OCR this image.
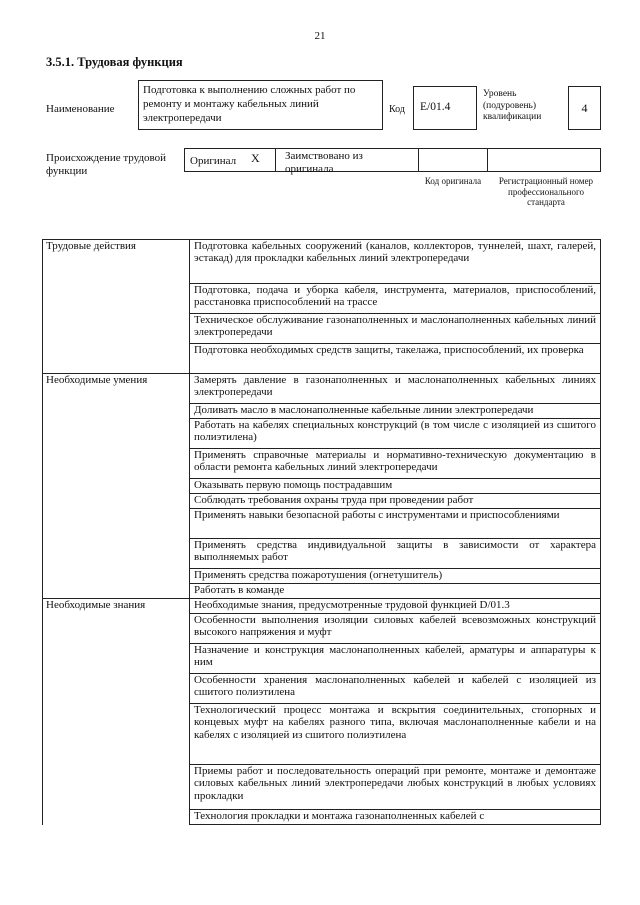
21
3.5.1. Трудовая функция
Наименование
Подготовка к выполнению сложных работ по ремонту и монтажу кабельных линий электропередачи
Код E/01.4
Уровень (подуровень) квалификации
4
Происхождение трудовой функции
Оригинал X Заимствовано из оригинала
Код оригинала	Регистрационный номер профессионального стандарта
Трудовые действия	Подготовка кабельных сооружений (каналов, коллекторов, туннелей, шахт, галерей, эстакад) для прокладки кабельных линий электропередачи
	Подготовка, подача и уборка кабеля, инструмента, материалов, приспособлений, расстановка приспособлений на трассе
	Техническое обслуживание газонаполненных и маслонаполненных кабельных линий электропередачи
	Подготовка необходимых средств защиты, такелажа, приспособлений, их проверка
Необходимые умения	Замерять давление в газонаполненных и маслонаполненных кабельных линиях электропередачи
	Доливать масло в маслонаполненные кабельные линии электропередачи
	Работать на кабелях специальных конструкций (в том числе с изоляцией из сшитого полиэтилена)
	Применять справочные материалы и нормативно-техническую документацию в области ремонта кабельных линий электропередачи
	Оказывать первую помощь пострадавшим
	Соблюдать требования охраны труда при проведении работ
	Применять навыки безопасной работы с инструментами и приспособлениями
	Применять средства индивидуальной защиты в зависимости от характера выполняемых работ
	Применять средства пожаротушения (огнетушитель)
	Работать в команде
Необходимые знания	Необходимые знания, предусмотренные трудовой функцией D/01.3
	Особенности выполнения изоляции силовых кабелей всевозможных конструкций высокого напряжения и муфт
	Назначение и конструкция маслонаполненных кабелей, арматуры и аппаратуры к ним
	Особенности хранения маслонаполненных кабелей и кабелей с изоляцией из сшитого полиэтилена
	Технологический процесс монтажа и вскрытия соединительных, стопорных и концевых муфт на кабелях разного типа, включая маслонаполненные кабели и на кабелях с изоляцией из сшитого полиэтилена
	Приемы работ и последовательность операций при ремонте, монтаже и демонтаже силовых кабельных линий электропередачи любых конструкций в любых условиях прокладки
	Технология прокладки и монтажа газонаполненных кабелей с
